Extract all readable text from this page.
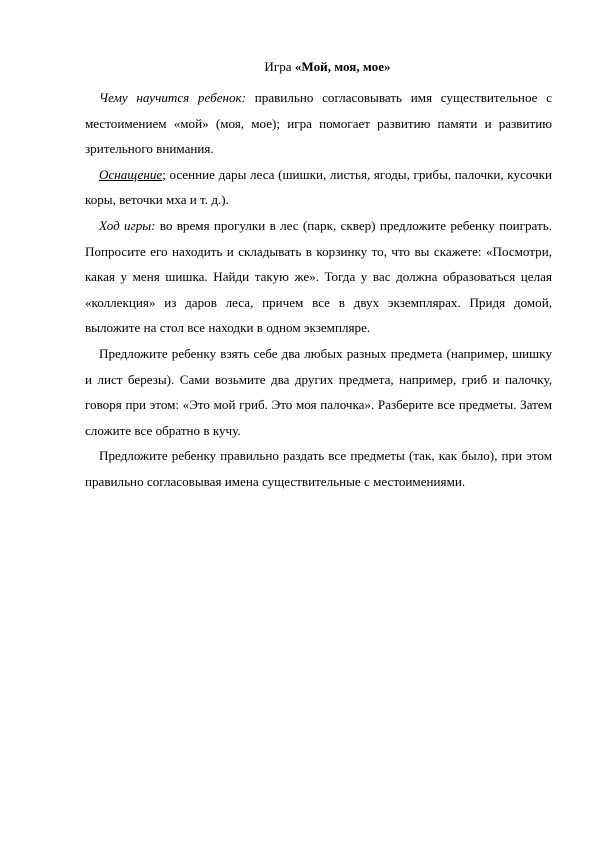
Игра «Мой, моя, мое»

Чему научится ребенок: правильно согласовывать имя существительное с местоимением «мой» (моя, мое); игра помогает развитию памяти и развитию зрительного внимания.

Оснащение; осенние дары леса (шишки, листья, ягоды, грибы, палочки, кусочки коры, веточки мха и т. д.).

Ход игры: во время прогулки в лес (парк, сквер) предложите ребенку поиграть. Попросите его находить и складывать в корзинку то, что вы скажете: «Посмотри, какая у меня шишка. Найди такую же». Тогда у вас должна образоваться целая «коллекция» из даров леса, причем все в двух экземплярах. Придя домой, выложите на стол все находки в одном экземпляре.

Предложите ребенку взять себе два любых разных предмета (например, шишку и лист березы). Сами возьмите два других предмета, например, гриб и палочку, говоря при этом: «Это мой гриб. Это моя палочка». Разберите все предметы. Затем сложите все обратно в кучу.

Предложите ребенку правильно раздать все предметы (так, как было), при этом правильно согласовывая имена существительные с местоимениями.
